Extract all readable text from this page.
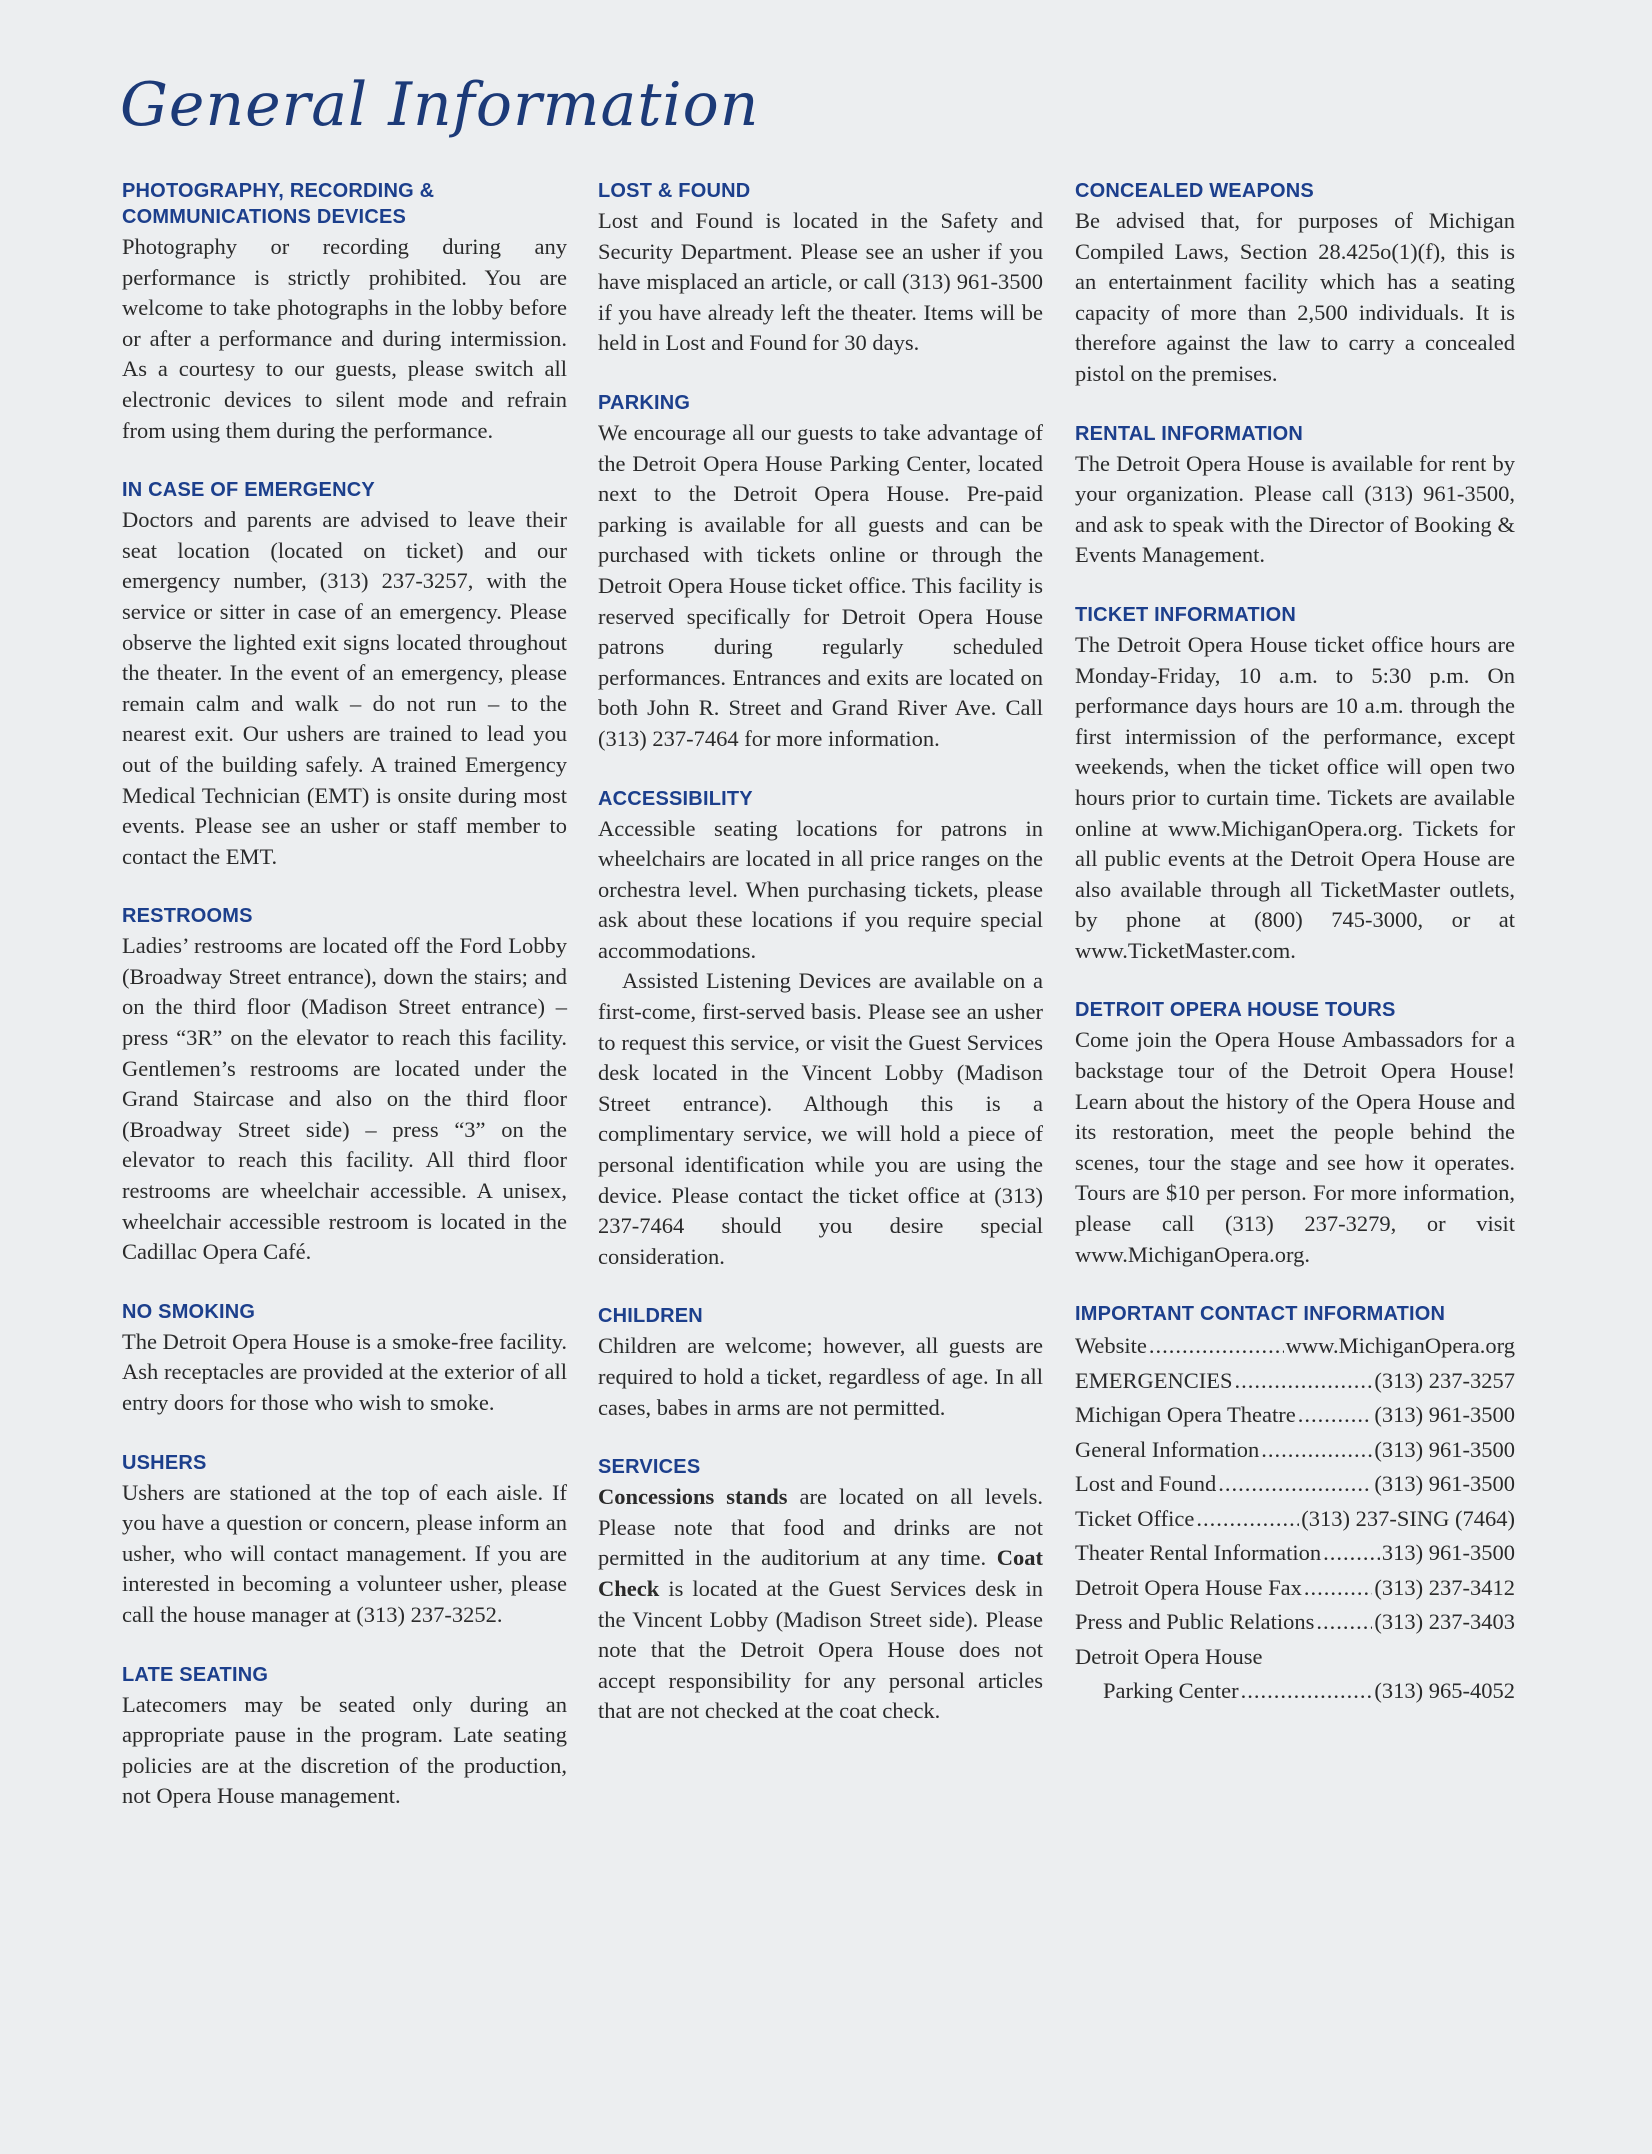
General Information
PHOTOGRAPHY, RECORDING & COMMUNICATIONS DEVICES

Photography or recording during any performance is strictly prohibited. You are welcome to take photographs in the lobby before or after a performance and during intermission. As a courtesy to our guests, please switch all electronic devices to silent mode and refrain from using them during the performance.

IN CASE OF EMERGENCY

Doctors and parents are advised to leave their seat location (located on ticket) and our emergency number, (313) 237-3257, with the service or sitter in case of an emergency. Please observe the lighted exit signs located throughout the theater. In the event of an emergency, please remain calm and walk – do not run – to the nearest exit. Our ushers are trained to lead you out of the building safely. A trained Emergency Medical Technician (EMT) is onsite during most events. Please see an usher or staff member to contact the EMT.

RESTROOMS

Ladies’ restrooms are located off the Ford Lobby (Broadway Street entrance), down the stairs; and on the third floor (Madison Street entrance) – press “3R” on the elevator to reach this facility. Gentlemen’s restrooms are located under the Grand Staircase and also on the third floor (Broadway Street side) – press “3” on the elevator to reach this facility. All third floor restrooms are wheelchair accessible. A unisex, wheelchair accessible restroom is located in the Cadillac Opera Café.

NO SMOKING

The Detroit Opera House is a smoke-free facility. Ash receptacles are provided at the exterior of all entry doors for those who wish to smoke.

USHERS

Ushers are stationed at the top of each aisle. If you have a question or concern, please inform an usher, who will contact management. If you are interested in becoming a volunteer usher, please call the house manager at (313) 237-3252.

LATE SEATING

Latecomers may be seated only during an appropriate pause in the program. Late seating policies are at the discretion of the production, not Opera House management.

LOST & FOUND

Lost and Found is located in the Safety and Security Department. Please see an usher if you have misplaced an article, or call (313) 961-3500 if you have already left the theater. Items will be held in Lost and Found for 30 days.

PARKING

We encourage all our guests to take advantage of the Detroit Opera House Parking Center, located next to the Detroit Opera House. Pre-paid parking is available for all guests and can be purchased with tickets online or through the Detroit Opera House ticket office. This facility is reserved specifically for Detroit Opera House patrons during regularly scheduled performances. Entrances and exits are located on both John R. Street and Grand River Ave. Call (313) 237-7464 for more information.

ACCESSIBILITY

Accessible seating locations for patrons in wheelchairs are located in all price ranges on the orchestra level. When purchasing tickets, please ask about these locations if you require special accommodations.

Assisted Listening Devices are available on a first-come, first-served basis. Please see an usher to request this service, or visit the Guest Services desk located in the Vincent Lobby (Madison Street entrance). Although this is a complimentary service, we will hold a piece of personal identification while you are using the device. Please contact the ticket office at (313) 237-7464 should you desire special consideration.

CHILDREN

Children are welcome; however, all guests are required to hold a ticket, regardless of age. In all cases, babes in arms are not permitted.

SERVICES

Concessions stands are located on all levels. Please note that food and drinks are not permitted in the auditorium at any time. Coat Check is located at the Guest Services desk in the Vincent Lobby (Madison Street side). Please note that the Detroit Opera House does not accept responsibility for any personal articles that are not checked at the coat check.

CONCEALED WEAPONS

Be advised that, for purposes of Michigan Compiled Laws, Section 28.425o(1)(f), this is an entertainment facility which has a seating capacity of more than 2,500 individuals. It is therefore against the law to carry a concealed pistol on the premises.

RENTAL INFORMATION

The Detroit Opera House is available for rent by your organization. Please call (313) 961-3500, and ask to speak with the Director of Booking & Events Management.

TICKET INFORMATION

The Detroit Opera House ticket office hours are Monday-Friday, 10 a.m. to 5:30 p.m. On performance days hours are 10 a.m. through the first intermission of the performance, except weekends, when the ticket office will open two hours prior to curtain time. Tickets are available online at www.MichiganOpera.org. Tickets for all public events at the Detroit Opera House are also available through all TicketMaster outlets, by phone at (800) 745-3000, or at www.TicketMaster.com.

DETROIT OPERA HOUSE TOURS

Come join the Opera House Ambassadors for a backstage tour of the Detroit Opera House! Learn about the history of the Opera House and its restoration, meet the people behind the scenes, tour the stage and see how it operates. Tours are $10 per person. For more information, please call (313) 237-3279, or visit www.MichiganOpera.org.

IMPORTANT CONTACT INFORMATION
Website .....	www.MichiganOpera.org
EMERGENCIES .....	(313) 237-3257
Michigan Opera Theatre .....	(313) 961-3500
General Information .....	(313) 961-3500
Lost and Found .....	(313) 961-3500
Ticket Office .....	(313) 237-SING (7464)
Theater Rental Information .....	313) 961-3500
Detroit Opera House Fax .....	(313) 237-3412
Press and Public Relations .....	(313) 237-3403
Detroit Opera House
Parking Center .....	(313) 965-4052
